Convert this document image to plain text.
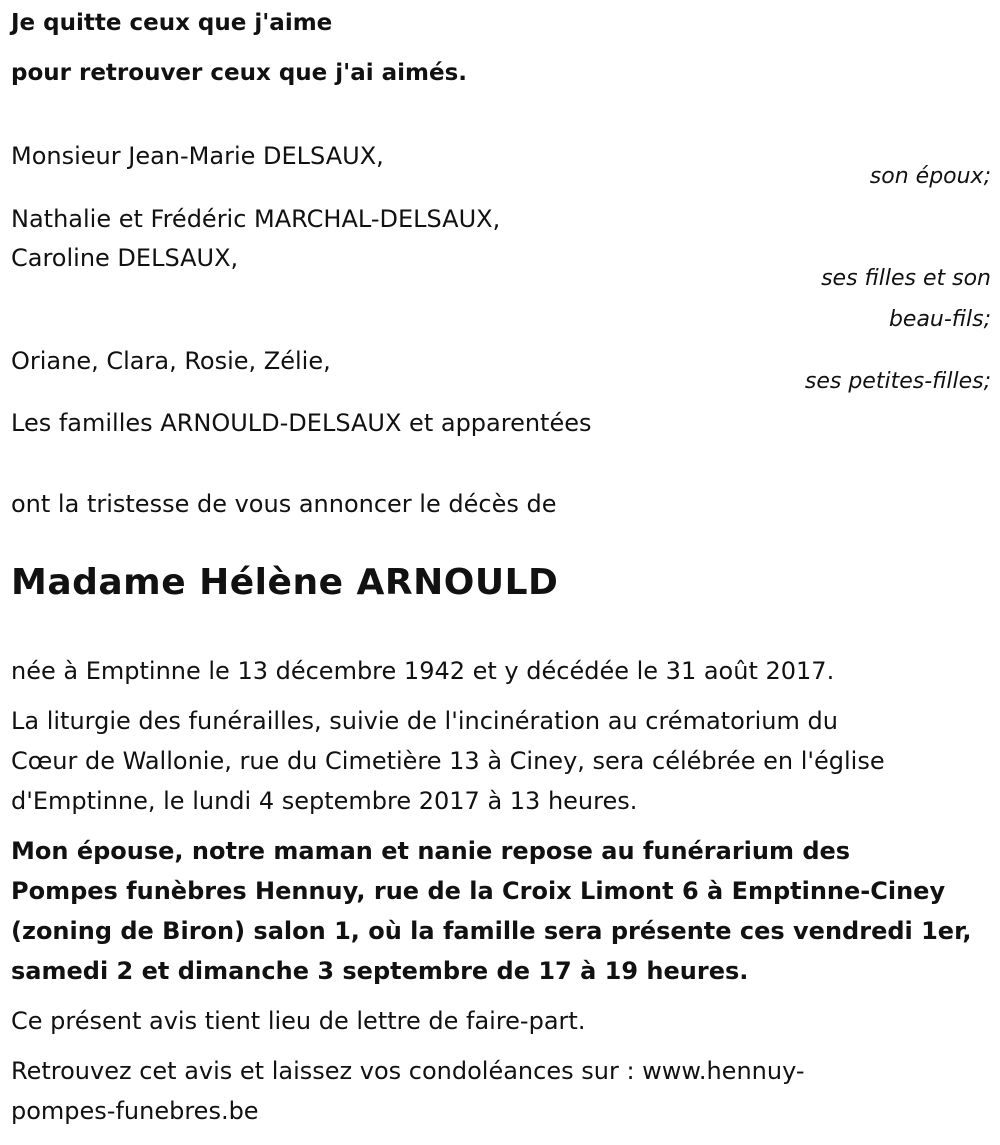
Je quitte ceux que j'aime
pour retrouver ceux que j'ai aimés.
Monsieur Jean-Marie DELSAUX,
son époux;
Nathalie et Frédéric MARCHAL-DELSAUX,
Caroline DELSAUX,
ses filles et son
beau-fils;
Oriane, Clara, Rosie, Zélie,
ses petites-filles;
Les familles ARNOULD-DELSAUX et apparentées
ont la tristesse de vous annoncer le décès de
Madame Hélène ARNOULD
née à Emptinne le 13 décembre 1942 et y décédée le 31 août 2017.
La liturgie des funérailles, suivie de l'incinération au crématorium du
Cœur de Wallonie, rue du Cimetière 13 à Ciney, sera célébrée en l'église
d'Emptinne, le lundi 4 septembre 2017 à 13 heures.
Mon épouse, notre maman et nanie repose au funérarium des
Pompes funèbres Hennuy, rue de la Croix Limont 6 à Emptinne-Ciney
(zoning de Biron) salon 1, où la famille sera présente ces vendredi 1er,
samedi 2 et dimanche 3 septembre de 17 à 19 heures.
Ce présent avis tient lieu de lettre de faire-part.
Retrouvez cet avis et laissez vos condoléances sur : www.hennuy-
pompes-funebres.be
